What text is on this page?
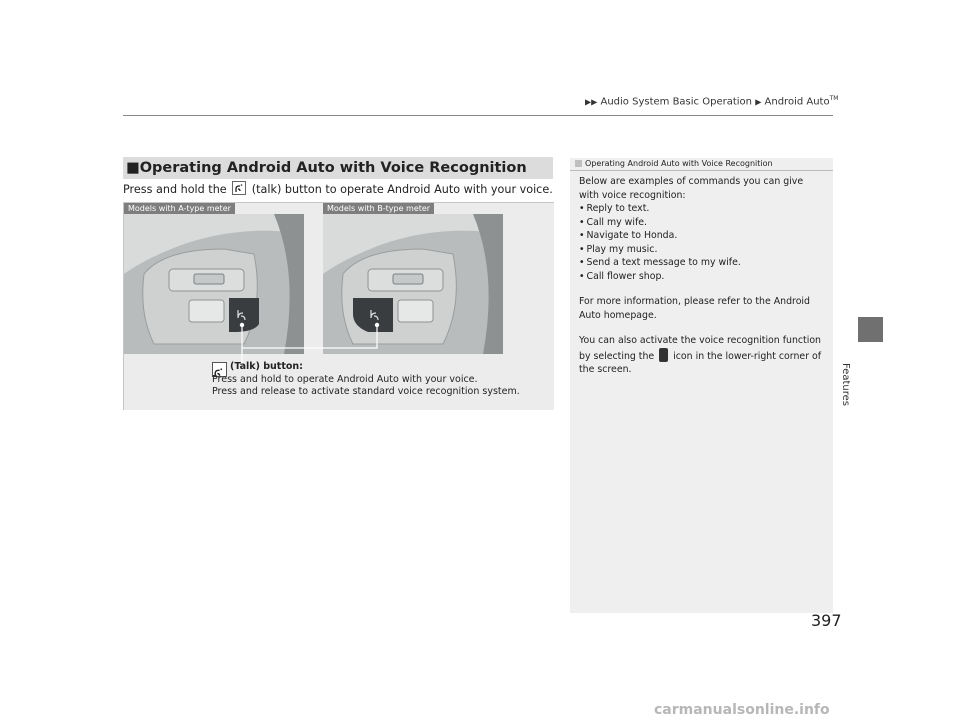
▶▶ Audio System Basic Operation ▶ Android Auto™
Features
■Operating Android Auto with Voice Recognition
Press and hold the (talk) button to operate Android Auto with your voice.
Models with A-type meter	Models with B-type meter
(Talk) button:
Press and hold to operate Android Auto with your voice.
Press and release to activate standard voice recognition system.
Operating Android Auto with Voice Recognition

Below are examples of commands you can give with voice recognition:

• Reply to text.
• Call my wife.
• Navigate to Honda.
• Play my music.
• Send a text message to my wife.
• Call flower shop.

For more information, please refer to the Android Auto homepage.

You can also activate the voice recognition function by selecting the icon in the lower-right corner of the screen.

397
carmanualsonline.info
